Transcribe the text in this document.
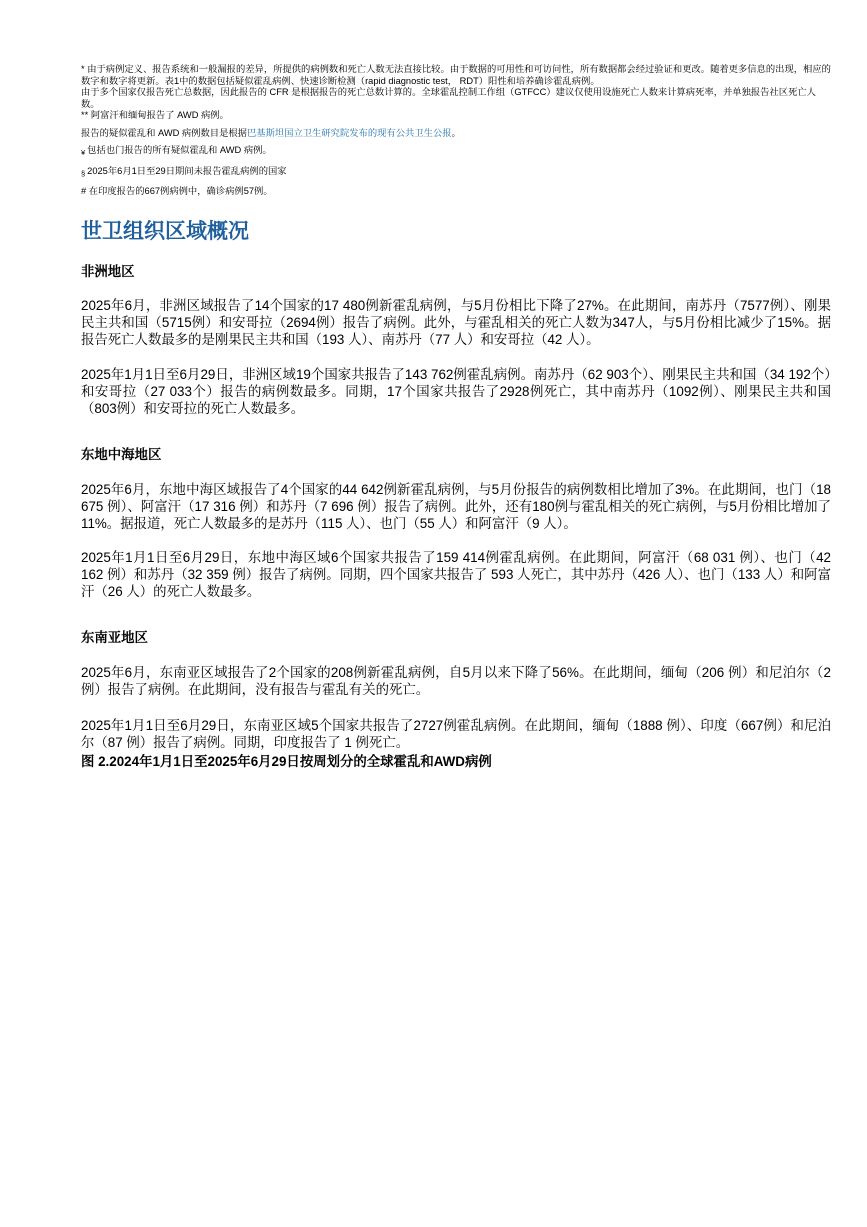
* 由于病例定义、报告系统和一般漏报的差异，所提供的病例数和死亡人数无法直接比较。由于数据的可用性和可访问性，所有数据都会经过验证和更改。随着更多信息的出现，相应的数字和数字将更新。表1中的数据包括疑似霍乱病例、快速诊断检测（rapid diagnostic test， RDT）阳性和培养确诊霍乱病例。

由于多个国家仅报告死亡总数据，因此报告的 CFR 是根据报告的死亡总数计算的。全球霍乱控制工作组（GTFCC）建议仅使用设施死亡人数来计算病死率，并单独报告社区死亡人数。

** 阿富汗和缅甸报告了 AWD 病例。

报告的疑似霍乱和 AWD 病例数目是根据巴基斯坦国立卫生研究院发布的现有公共卫生公报。

$_¥$ 包括也门报告的所有疑似霍乱和 AWD 病例。

$_\S$ 2025年6月1日至29日期间未报告霍乱病例的国家

# 在印度报告的667例病例中，确诊病例57例。

世卫组织区域概况
非洲地区

2025年6月，非洲区域报告了14个国家的17 480例新霍乱病例，与5月份相比下降了27%。在此期间，南苏丹（7577例）、刚果民主共和国（5715例）和安哥拉（2694例）报告了病例。此外，与霍乱相关的死亡人数为347人，与5月份相比减少了15%。据报告死亡人数最多的是刚果民主共和国（193 人）、南苏丹（77 人）和安哥拉（42 人）。

2025年1月1日至6月29日，非洲区域19个国家共报告了143 762例霍乱病例。南苏丹（62 903个）、刚果民主共和国（34 192个）和安哥拉（27 033个）报告的病例数最多。同期，17个国家共报告了2928例死亡，其中南苏丹（1092例）、刚果民主共和国（803例）和安哥拉的死亡人数最多。

东地中海地区

2025年6月，东地中海区域报告了4个国家的44 642例新霍乱病例，与5月份报告的病例数相比增加了3%。在此期间，也门（18 675 例）、阿富汗（17 316 例）和苏丹（7 696 例）报告了病例。此外，还有180例与霍乱相关的死亡病例，与5月份相比增加了11%。据报道，死亡人数最多的是苏丹（115 人）、也门（55 人）和阿富汗（9 人）。

2025年1月1日至6月29日，东地中海区域6个国家共报告了159 414例霍乱病例。在此期间，阿富汗（68 031 例）、也门（42 162 例）和苏丹（32 359 例）报告了病例。同期，四个国家共报告了 593 人死亡，其中苏丹（426 人）、也门（133 人）和阿富汗（26 人）的死亡人数最多。

东南亚地区

2025年6月，东南亚区域报告了2个国家的208例新霍乱病例，自5月以来下降了56%。在此期间，缅甸（206 例）和尼泊尔（2 例）报告了病例。在此期间，没有报告与霍乱有关的死亡。

2025年1月1日至6月29日，东南亚区域5个国家共报告了2727例霍乱病例。在此期间，缅甸（1888 例）、印度（667例）和尼泊尔（87 例）报告了病例。同期，印度报告了 1 例死亡。

图 2.2024年1月1日至2025年6月29日按周划分的全球霍乱和AWD病例
